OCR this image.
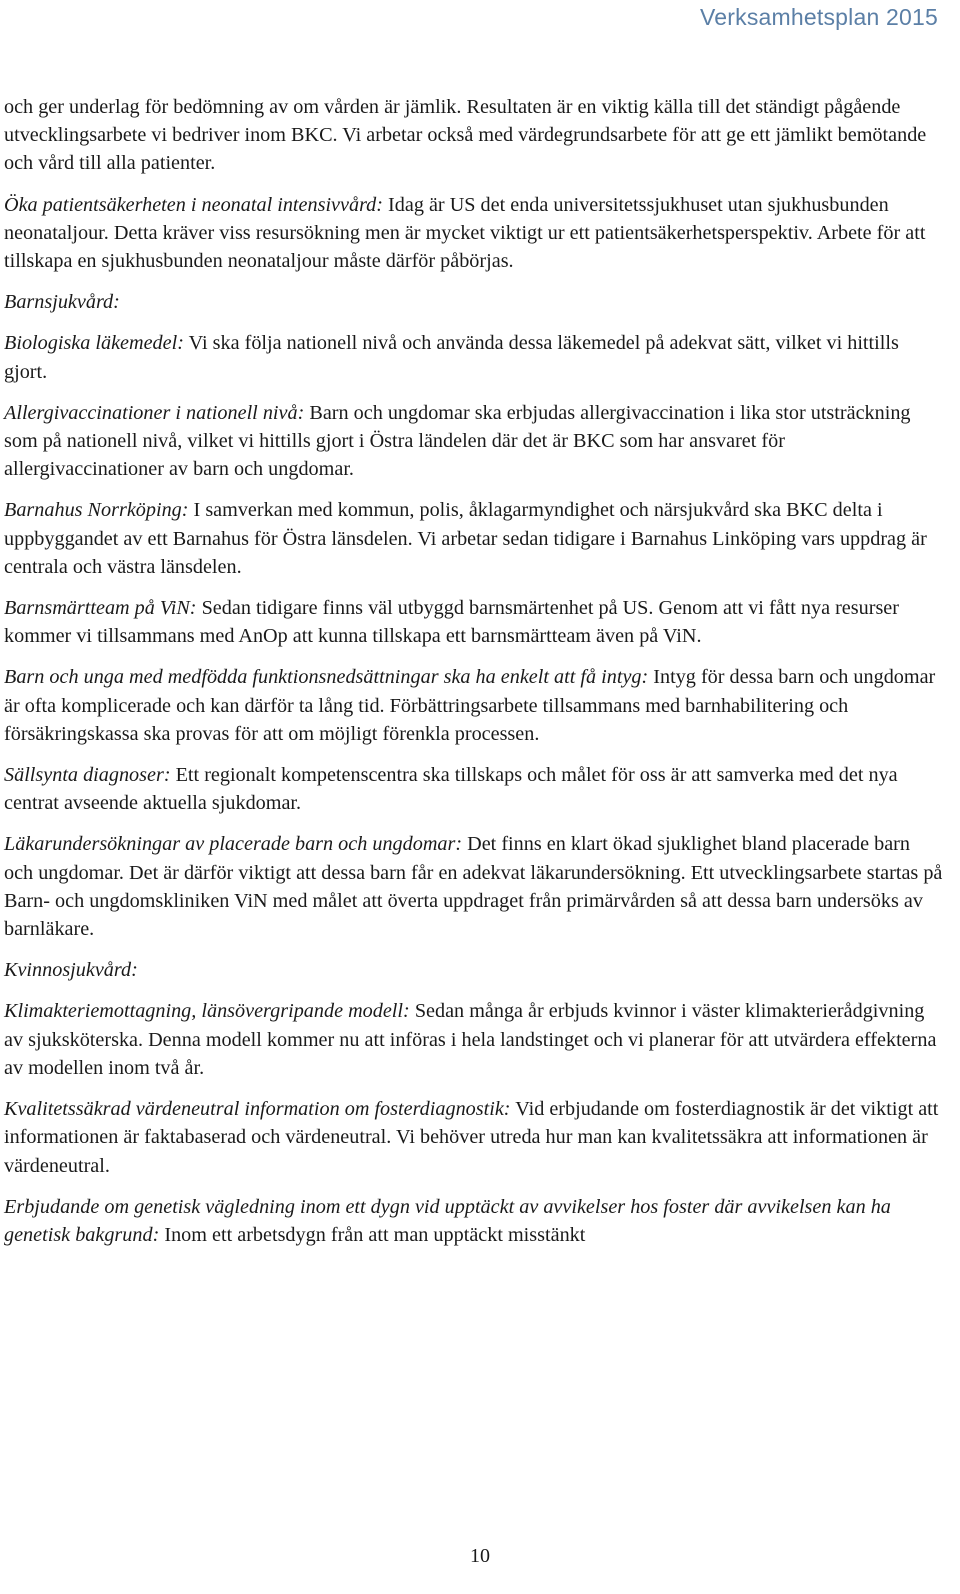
Verksamhetsplan 2015

och ger underlag för bedömning av om vården är jämlik. Resultaten är en viktig källa till det ständigt pågående utvecklingsarbete vi bedriver inom BKC. Vi arbetar också med värdegrundsarbete för att ge ett jämlikt bemötande och vård till alla patienter.

Öka patientsäkerheten i neonatal intensivvård: Idag är US det enda universitetssjukhuset utan sjukhusbunden neonataljour. Detta kräver viss resursökning men är mycket viktigt ur ett patientsäkerhetsperspektiv. Arbete för att tillskapa en sjukhusbunden neonataljour måste därför påbörjas.

Barnsjukvård:

Biologiska läkemedel: Vi ska följa nationell nivå och använda dessa läkemedel på adekvat sätt, vilket vi hittills gjort.

Allergivaccinationer i nationell nivå: Barn och ungdomar ska erbjudas allergivaccination i lika stor utsträckning som på nationell nivå, vilket vi hittills gjort i Östra ländelen där det är BKC som har ansvaret för allergivaccinationer av barn och ungdomar.

Barnahus Norrköping: I samverkan med kommun, polis, åklagarmyndighet och närsjukvård ska BKC delta i uppbyggandet av ett Barnahus för Östra länsdelen. Vi arbetar sedan tidigare i Barnahus Linköping vars uppdrag är centrala och västra länsdelen.

Barnsmärtteam på ViN: Sedan tidigare finns väl utbyggd barnsmärtenhet på US. Genom att vi fått nya resurser kommer vi tillsammans med AnOp att kunna tillskapa ett barnsmärtteam även på ViN.

Barn och unga med medfödda funktionsnedsättningar ska ha enkelt att få intyg: Intyg för dessa barn och ungdomar är ofta komplicerade och kan därför ta lång tid. Förbättringsarbete tillsammans med barnhabilitering och försäkringskassa ska provas för att om möjligt förenkla processen.

Sällsynta diagnoser: Ett regionalt kompetenscentra ska tillskaps och målet för oss är att samverka med det nya centrat avseende aktuella sjukdomar.

Läkarundersökningar av placerade barn och ungdomar: Det finns en klart ökad sjuklighet bland placerade barn och ungdomar. Det är därför viktigt att dessa barn får en adekvat läkarundersökning. Ett utvecklingsarbete startas på Barn- och ungdomskliniken ViN med målet att överta uppdraget från primärvården så att dessa barn undersöks av barnläkare.

Kvinnosjukvård:

Klimakteriemottagning, länsövergripande modell: Sedan många år erbjuds kvinnor i väster klimakterierådgivning av sjuksköterska. Denna modell kommer nu att införas i hela landstinget och vi planerar för att utvärdera effekterna av modellen inom två år.

Kvalitetssäkrad värdeneutral information om fosterdiagnostik: Vid erbjudande om fosterdiagnostik är det viktigt att informationen är faktabaserad och värdeneutral. Vi behöver utreda hur man kan kvalitetssäkra att informationen är värdeneutral.

Erbjudande om genetisk vägledning inom ett dygn vid upptäckt av avvikelser hos foster där avvikelsen kan ha genetisk bakgrund: Inom ett arbetsdygn från att man upptäckt misstänkt

10
